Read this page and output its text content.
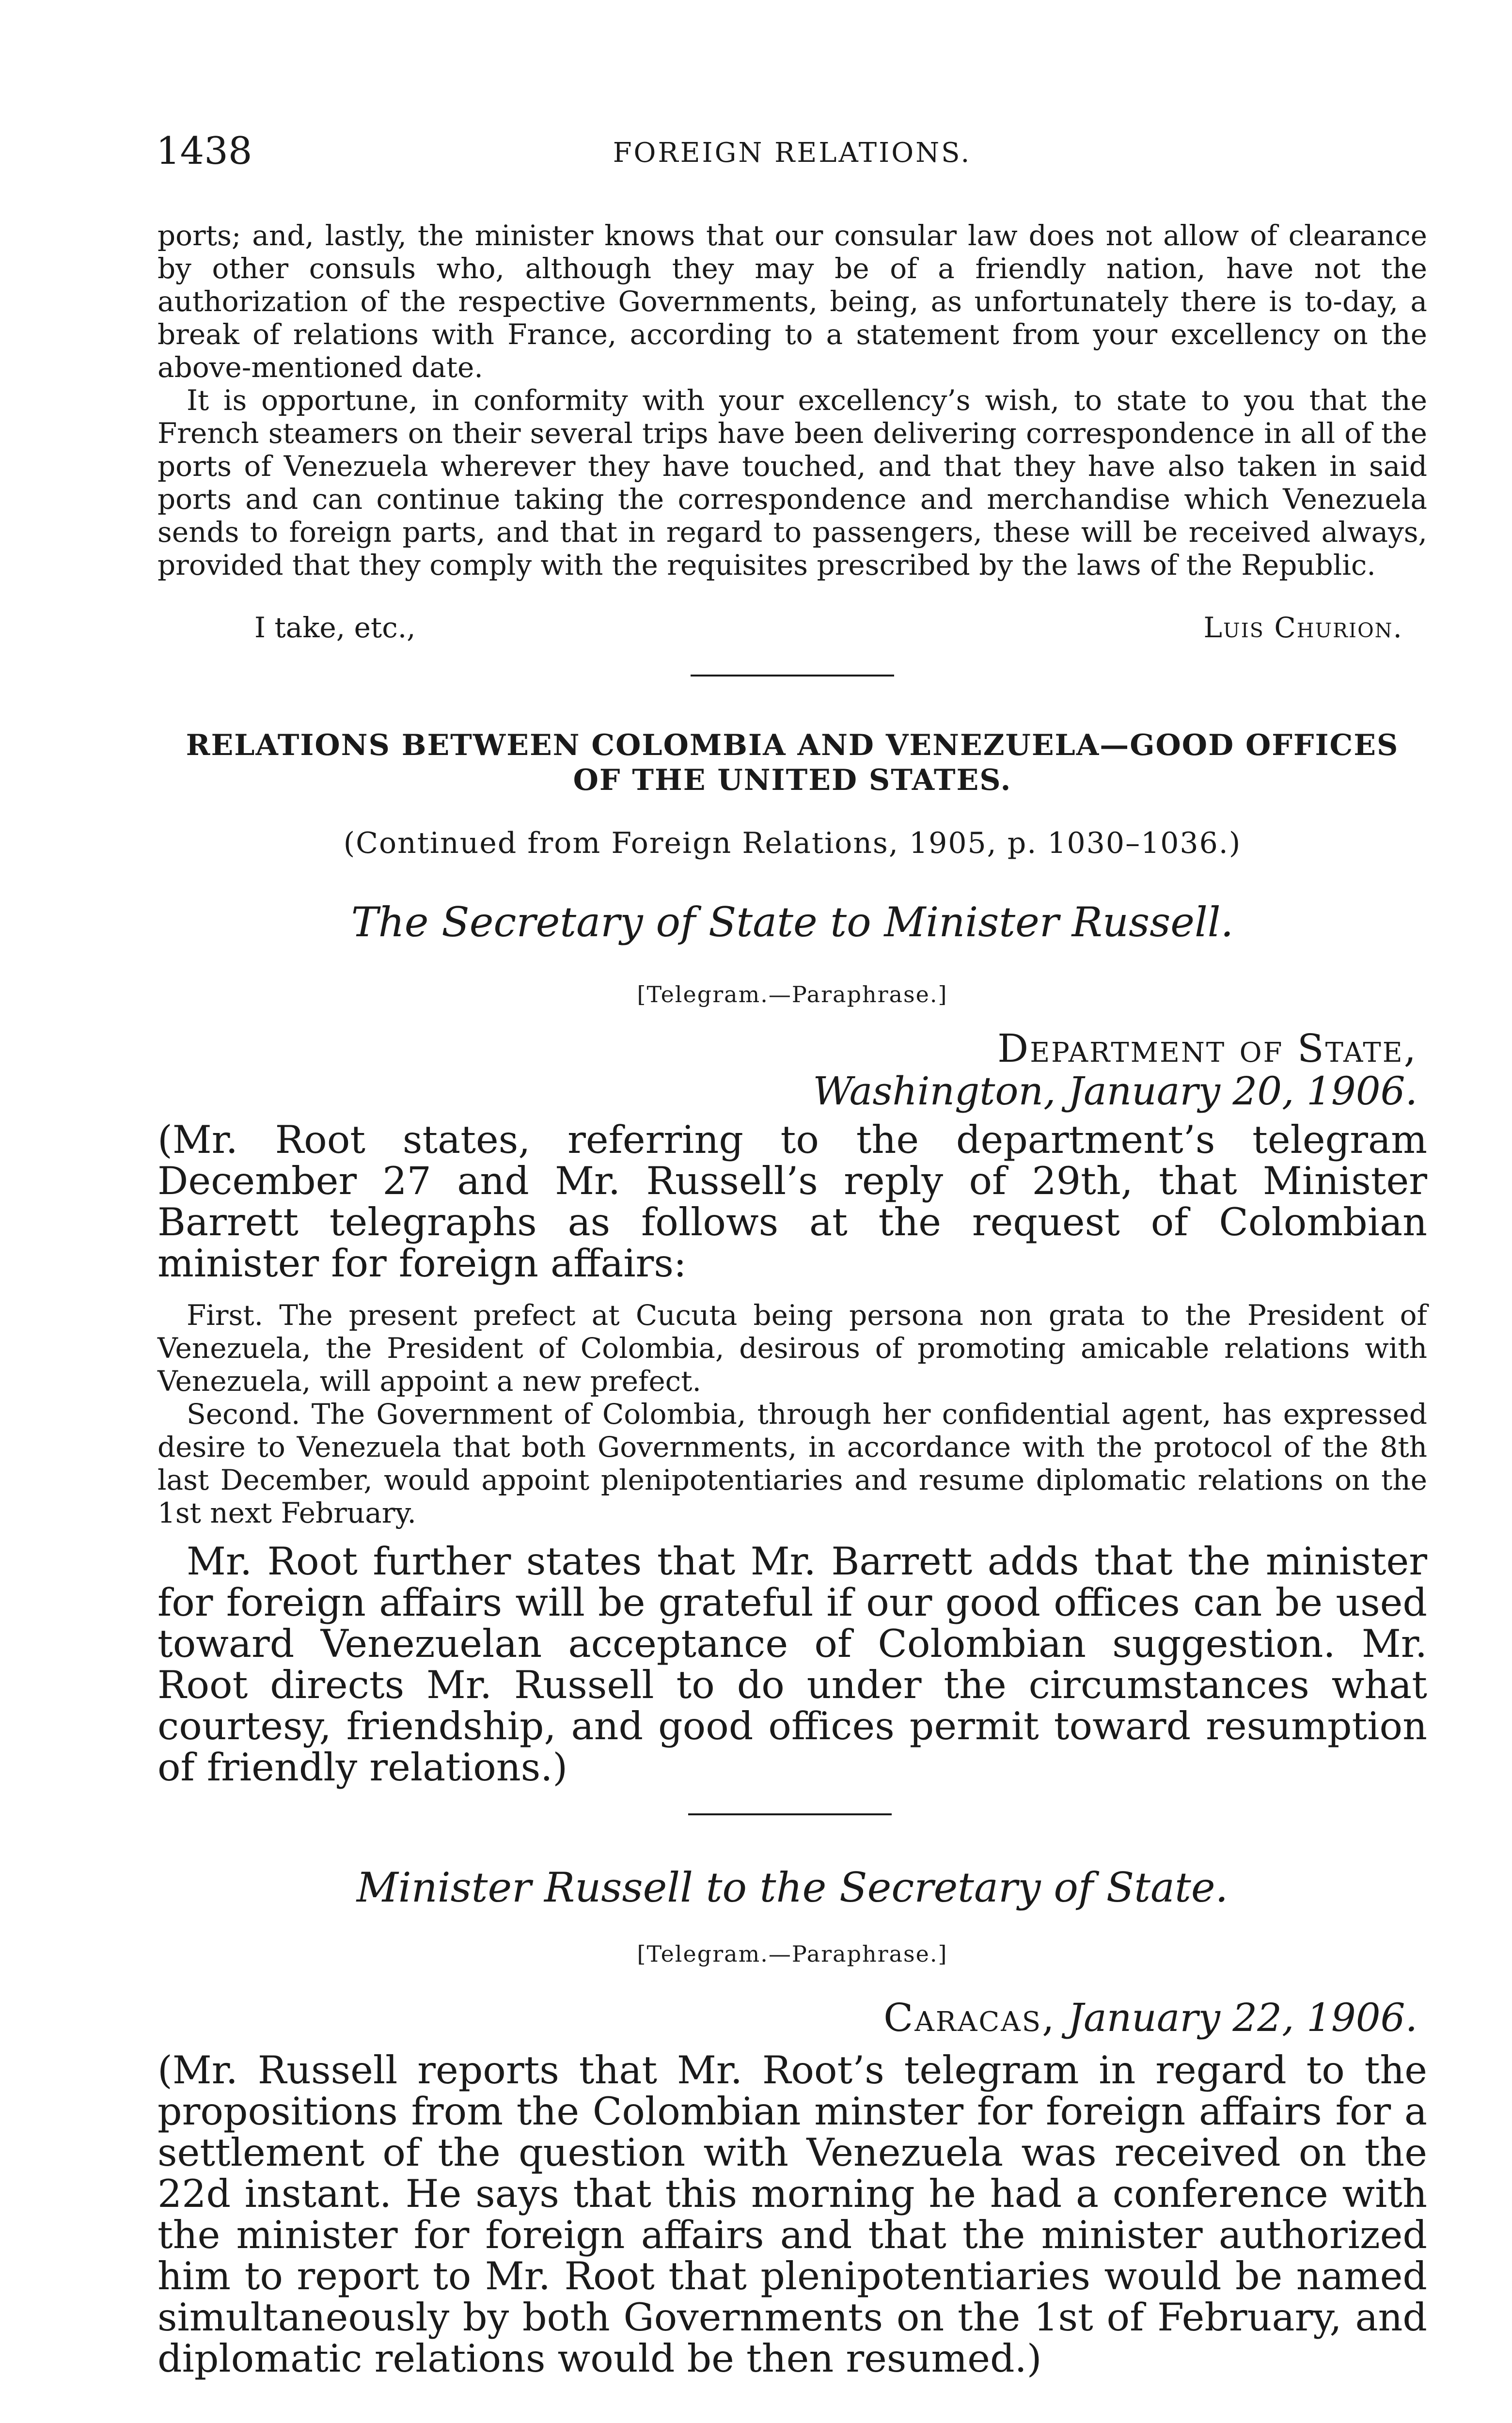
1438	FOREIGN RELATIONS.

ports; and, lastly, the minister knows that our consular law does not allow of clearance by other consuls who, although they may be of a friendly nation, have not the authorization of the respective Governments, being, as unfortunately there is to-day, a break of relations with France, according to a statement from your excellency on the above-mentioned date.

It is opportune, in conformity with your excellency’s wish, to state to you that the French steamers on their several trips have been delivering correspondence in all of the ports of Venezuela wherever they have touched, and that they have also taken in said ports and can continue taking the correspondence and merchandise which Venezuela sends to foreign parts, and that in regard to passengers, these will be received always, provided that they comply with the requisites prescribed by the laws of the Republic.

I take, etc.,	Luis Churion.
RELATIONS BETWEEN COLOMBIA AND VENEZUELA—GOOD OFFICES OF THE UNITED STATES.
(Continued from Foreign Relations, 1905, p. 1030–1036.)
The Secretary of State to Minister Russell.
[Telegram.—Paraphrase.]
Department of State,
Washington, January 20, 1906.

(Mr. Root states, referring to the department’s telegram December 27 and Mr. Russell’s reply of 29th, that Minister Barrett telegraphs as follows at the request of Colombian minister for foreign affairs:

First. The present prefect at Cucuta being persona non grata to the President of Venezuela, the President of Colombia, desirous of promoting amicable relations with Venezuela, will appoint a new prefect.

Second. The Government of Colombia, through her confidential agent, has expressed desire to Venezuela that both Governments, in accordance with the protocol of the 8th last December, would appoint plenipotentiaries and resume diplomatic relations on the 1st next February.

Mr. Root further states that Mr. Barrett adds that the minister for foreign affairs will be grateful if our good offices can be used toward Venezuelan acceptance of Colombian suggestion. Mr. Root directs Mr. Russell to do under the circumstances what courtesy, friendship, and good offices permit toward resumption of friendly relations.)

Minister Russell to the Secretary of State.
[Telegram.—Paraphrase.]
Caracas, January 22, 1906.

(Mr. Russell reports that Mr. Root’s telegram in regard to the propositions from the Colombian minster for foreign affairs for a settlement of the question with Venezuela was received on the 22d instant. He says that this morning he had a conference with the minister for foreign affairs and that the minister authorized him to report to Mr. Root that plenipotentiaries would be named simultaneously by both Governments on the 1st of February, and diplomatic relations would be then resumed.)
